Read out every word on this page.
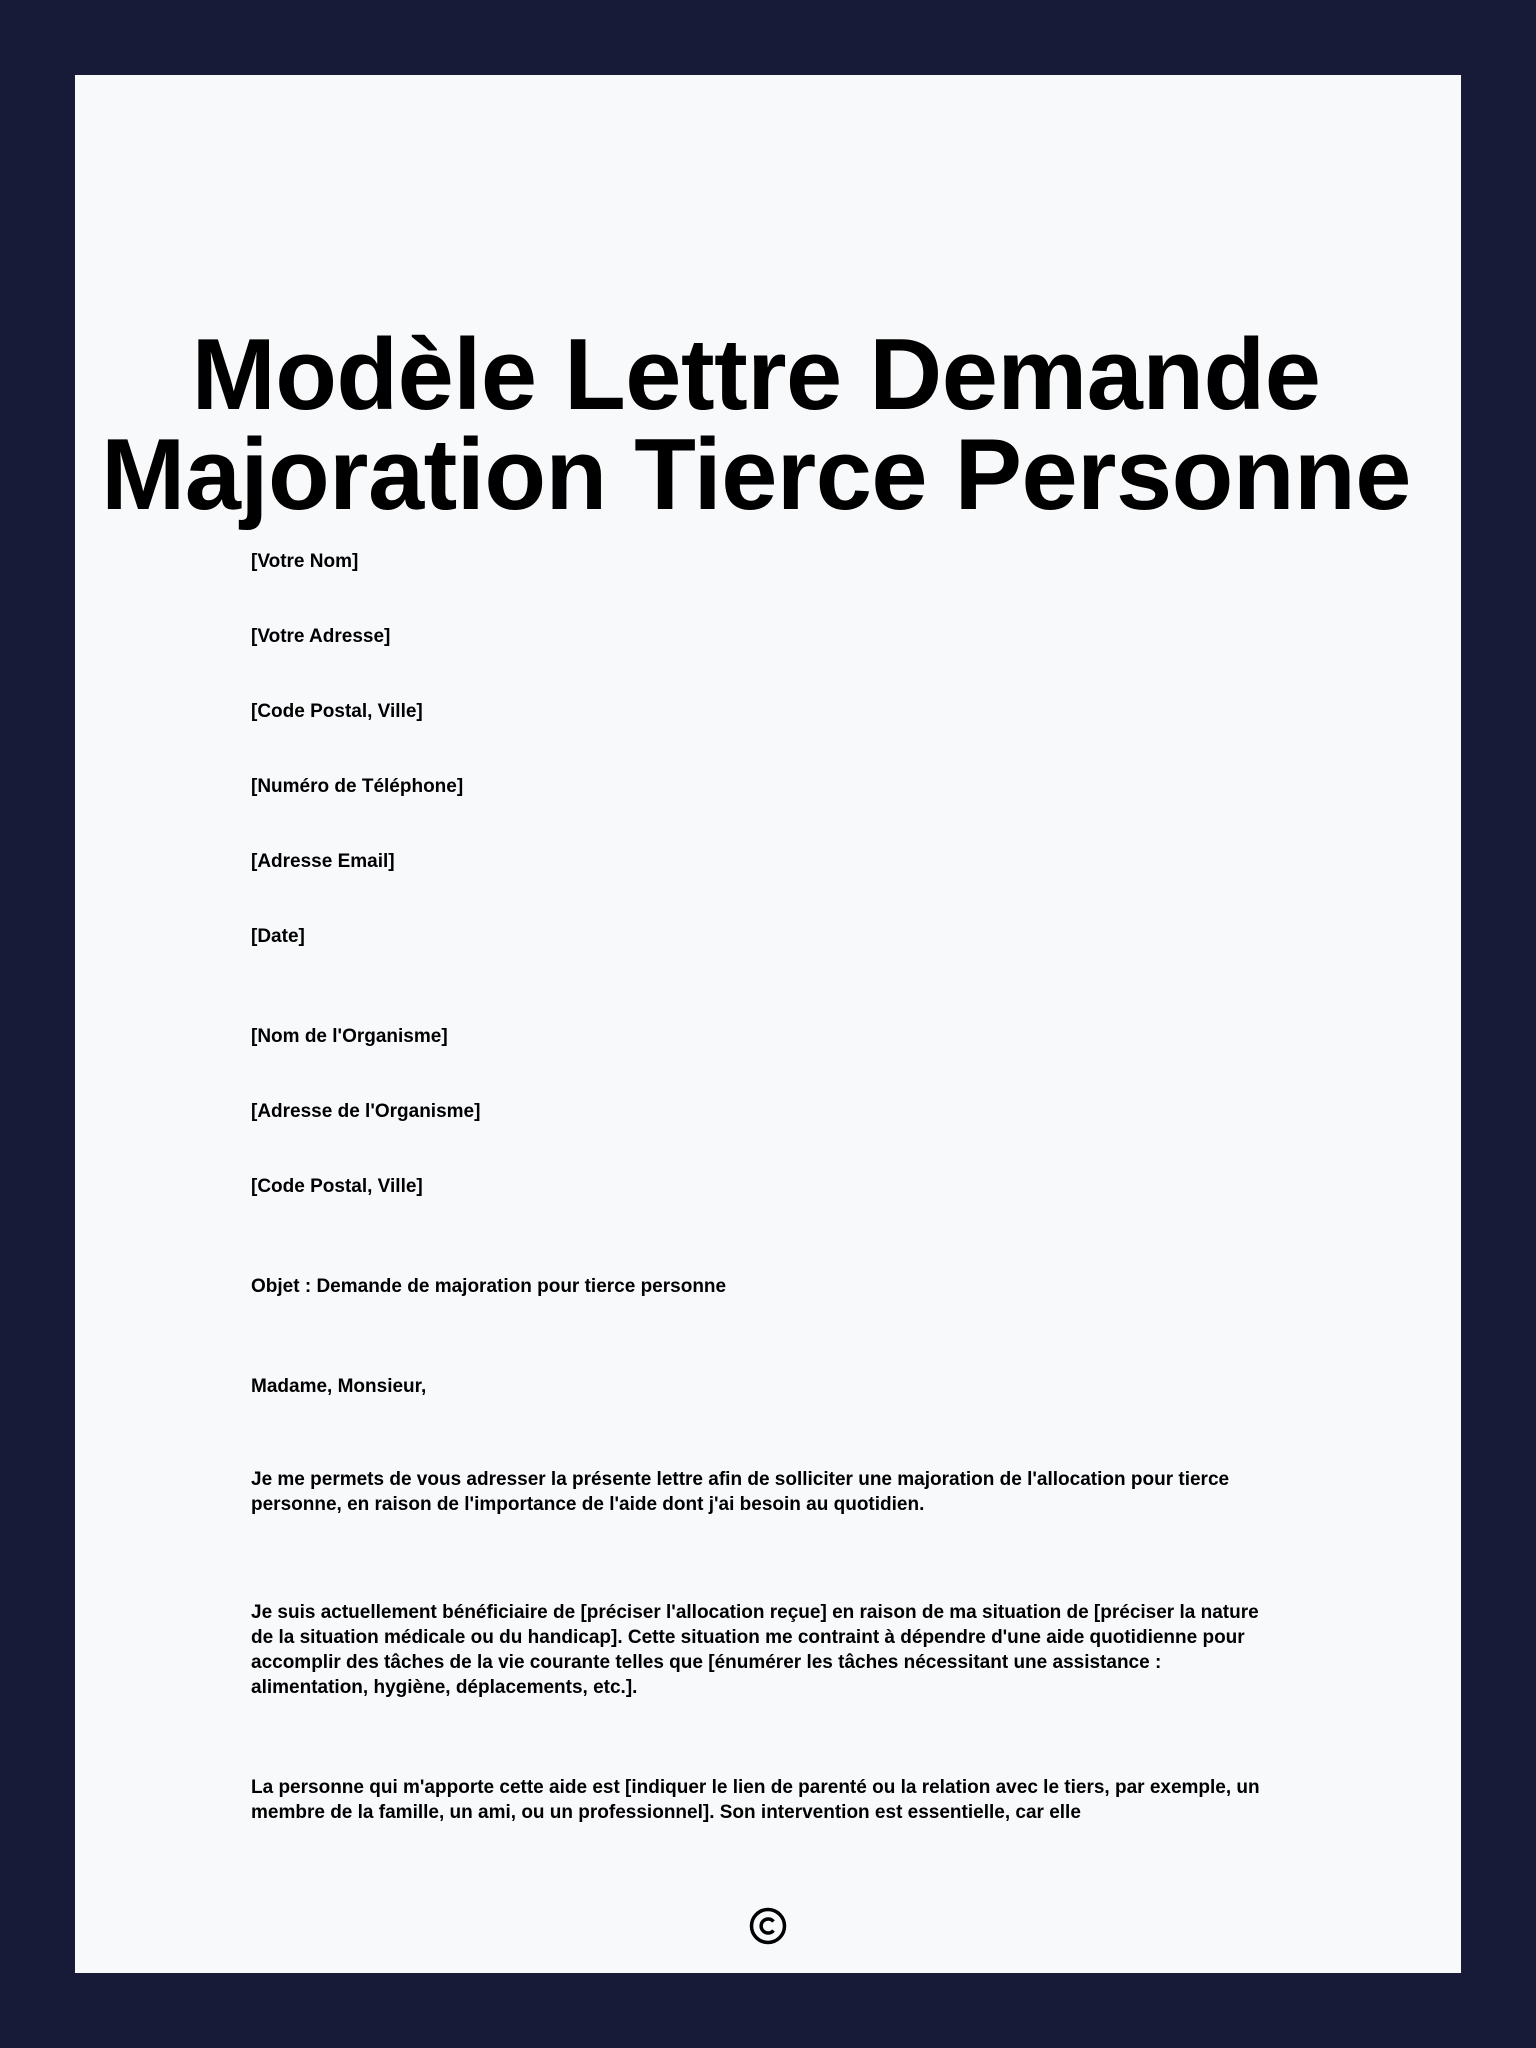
Modèle Lettre Demande
Majoration Tierce Personne

[Votre Nom]

[Votre Adresse]

[Code Postal, Ville]

[Numéro de Téléphone]

[Adresse Email]

[Date]

[Nom de l'Organisme]

[Adresse de l'Organisme]

[Code Postal, Ville]

Objet : Demande de majoration pour tierce personne

Madame, Monsieur,

Je me permets de vous adresser la présente lettre afin de solliciter une majoration de l'allocation pour tierce personne, en raison de l'importance de l'aide dont j'ai besoin au quotidien.

Je suis actuellement bénéficiaire de [préciser l'allocation reçue] en raison de ma situation de [préciser la nature de la situation médicale ou du handicap]. Cette situation me contraint à dépendre d'une aide quotidienne pour accomplir des tâches de la vie courante telles que [énumérer les tâches nécessitant une assistance : alimentation, hygiène, déplacements, etc.].

La personne qui m'apporte cette aide est [indiquer le lien de parenté ou la relation avec le tiers, par exemple, un membre de la famille, un ami, ou un professionnel]. Son intervention est essentielle, car elle
